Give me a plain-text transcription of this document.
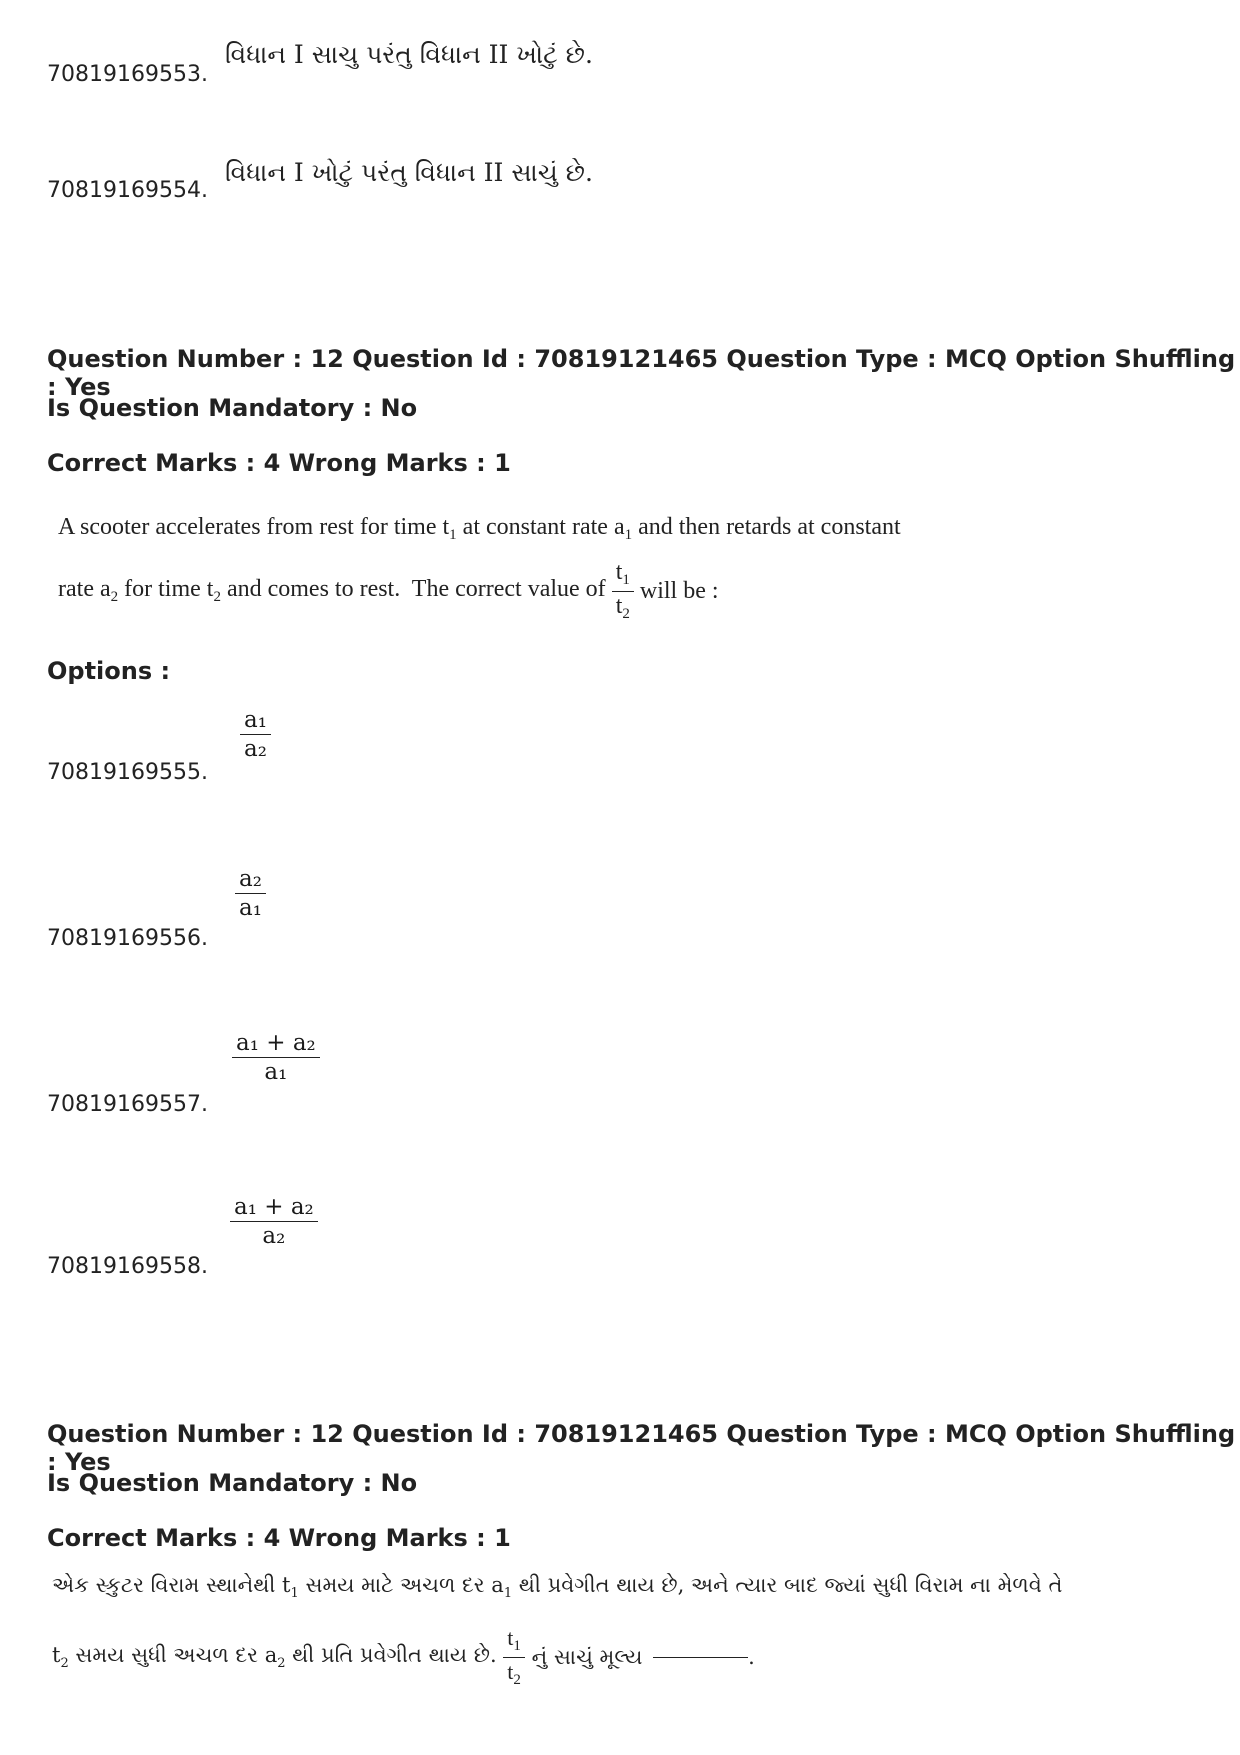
70819169553.
વિધાન I સાચુ પરંતુ વિધાન II ખોટું છે.
70819169554.
વિધાન I ખોટું પરંતુ વિધાન II સાચું છે.
Question Number : 12 Question Id : 70819121465 Question Type : MCQ Option Shuffling : Yes
Is Question Mandatory : No
Correct Marks : 4 Wrong Marks : 1
A scooter accelerates from rest for time $t_1$ at constant rate $a_1$ and then retards at constant
rate $a_2$ for time $t_2$ and comes to rest.  The correct value of $\frac{t_1}{t_2}$ will be :
Options :
70819169555.
$\frac{\text{a₁}}{\text{a₂}}$
70819169556.
$\frac{\text{a₂}}{\text{a₁}}$
70819169557.
$\frac{\text{a₁ + a₂}}{\text{a₁}}$
70819169558.
$\frac{\text{a₁ + a₂}}{\text{a₂}}$
Question Number : 12 Question Id : 70819121465 Question Type : MCQ Option Shuffling : Yes
Is Question Mandatory : No
Correct Marks : 4 Wrong Marks : 1
એક સ્કુટર વિરામ સ્થાનેથી $t_1$ સમય માટે અચળ દર $a_1$ થી પ્રવેગીત થાય છે, અને ત્યાર બાદ જ્યાં સુધી વિરામ ના મેળવે તે
$t_2$ સમય સુધી અચળ દર $a_2$ થી પ્રતિ પ્રવેગીત થાય છે. $\frac{t_1}{t_2}$ નું સાચું મૂલ્ય	.
